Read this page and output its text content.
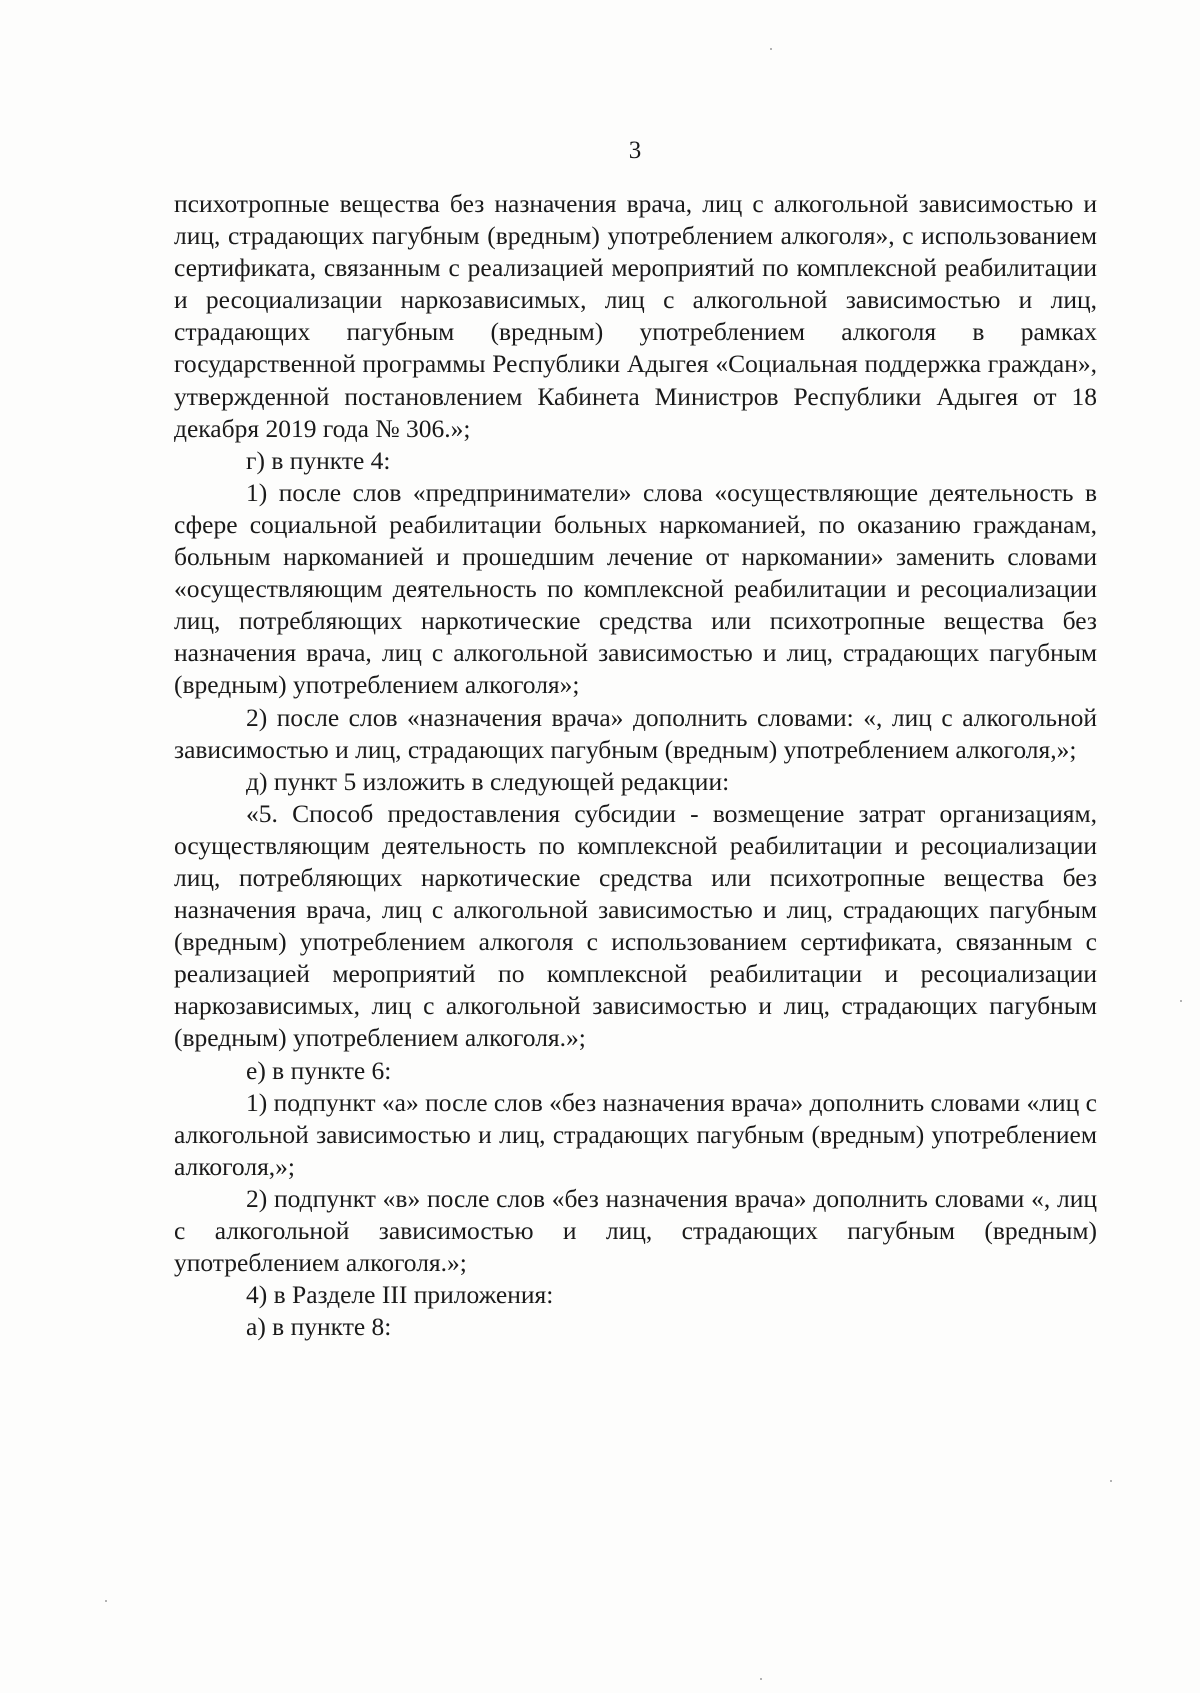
3

психотропные вещества без назначения врача, лиц с алкогольной зависимостью и лиц, страдающих пагубным (вредным) употреблением алкоголя», с использованием сертификата, связанным с реализацией мероприятий по комплексной реабилитации и ресоциализации наркозависимых, лиц с алкогольной зависимостью и лиц, страдающих пагубным (вредным) употреблением алкоголя в рамках государственной программы Республики Адыгея «Социальная поддержка граждан», утвержденной постановлением Кабинета Министров Республики Адыгея от 18 декабря 2019 года № 306.»;

г) в пункте 4:

1) после слов «предприниматели» слова «осуществляющие деятельность в сфере социальной реабилитации больных наркоманией, по оказанию гражданам, больным наркоманией и прошедшим лечение от наркомании» заменить словами «осуществляющим деятельность по комплексной реабилитации и ресоциализации лиц, потребляющих наркотические средства или психотропные вещества без назначения врача, лиц с алкогольной зависимостью и лиц, страдающих пагубным (вредным) употреблением алкоголя»;

2) после слов «назначения врача» дополнить словами: «, лиц с алкогольной зависимостью и лиц, страдающих пагубным (вредным) употреблением алкоголя,»;

д) пункт 5 изложить в следующей редакции:

«5. Способ предоставления субсидии - возмещение затрат организациям, осуществляющим деятельность по комплексной реабилитации и ресоциализации лиц, потребляющих наркотические средства или психотропные вещества без назначения врача, лиц с алкогольной зависимостью и лиц, страдающих пагубным (вредным) употреблением алкоголя с использованием сертификата, связанным с реализацией мероприятий по комплексной реабилитации и ресоциализации наркозависимых, лиц с алкогольной зависимостью и лиц, страдающих пагубным (вредным) употреблением алкоголя.»;

е) в пункте 6:

1) подпункт «а» после слов «без назначения врача» дополнить словами «лиц с алкогольной зависимостью и лиц, страдающих пагубным (вредным) употреблением алкоголя,»;

2) подпункт «в» после слов «без назначения врача» дополнить словами «, лиц с алкогольной зависимостью и лиц, страдающих пагубным (вредным) употреблением алкоголя.»;

4) в Разделе III приложения:

а) в пункте 8:
